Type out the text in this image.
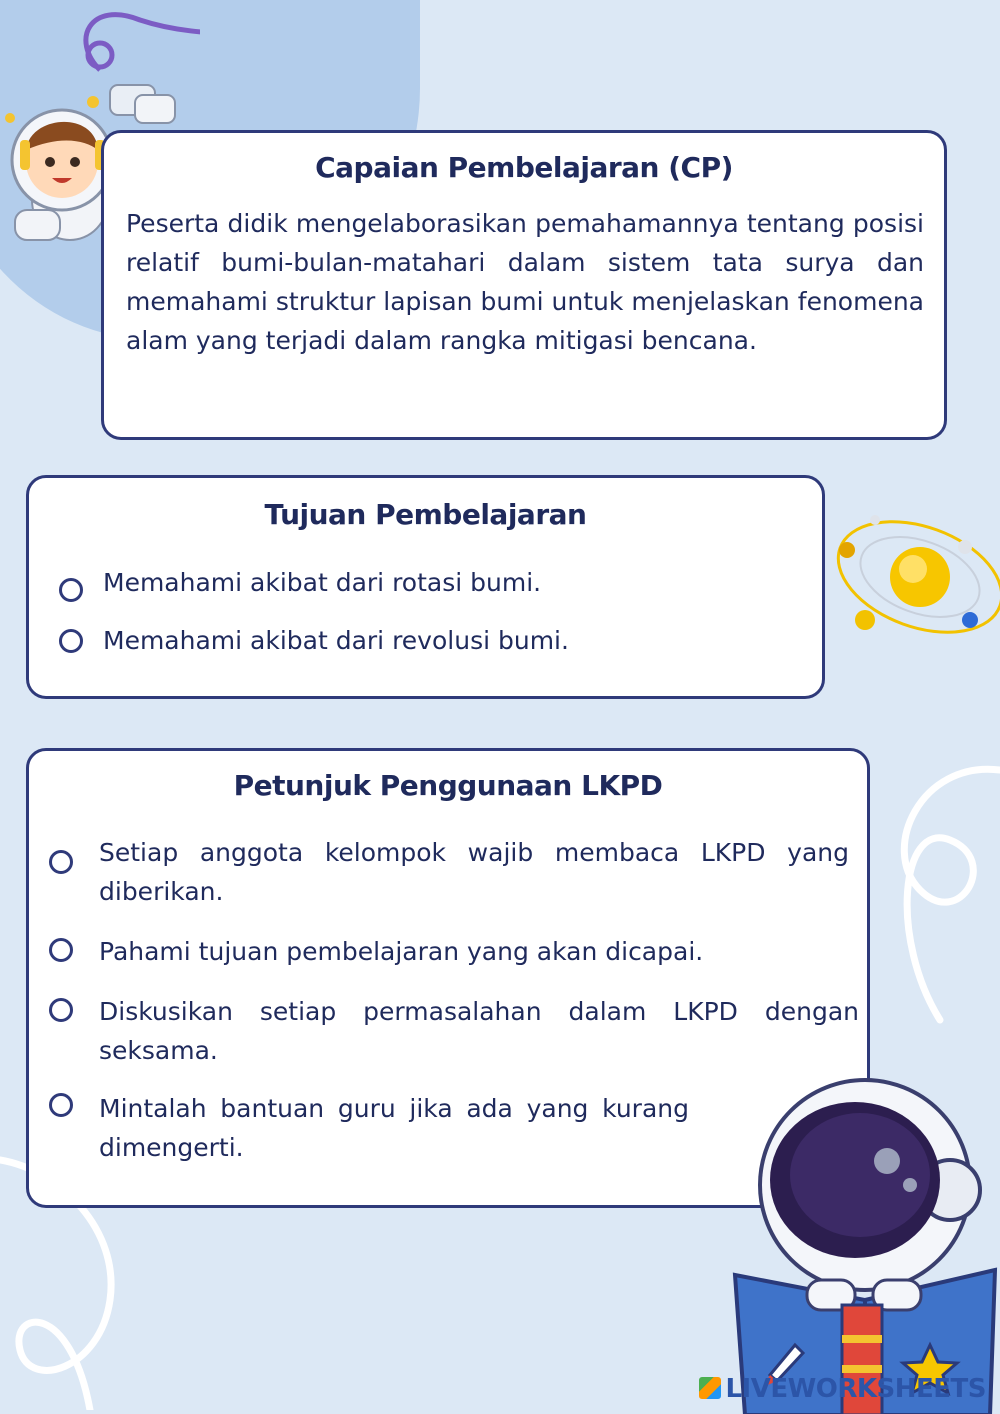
Capaian Pembelajaran (CP)
Peserta didik mengelaborasikan pemahamannya tentang posisi relatif bumi-bulan-matahari dalam sistem tata surya dan memahami struktur lapisan bumi untuk menjelaskan fenomena alam yang terjadi dalam rangka mitigasi bencana.
Tujuan Pembelajaran
Memahami akibat dari rotasi bumi.
Memahami akibat dari revolusi bumi.
Petunjuk Penggunaan LKPD
Setiap anggota kelompok wajib membaca LKPD yang diberikan.
Pahami tujuan pembelajaran yang akan dicapai.
Diskusikan setiap permasalahan dalam LKPD dengan seksama.
Mintalah bantuan guru jika ada yang kurang dimengerti.
LIVEWORKSHEETS
